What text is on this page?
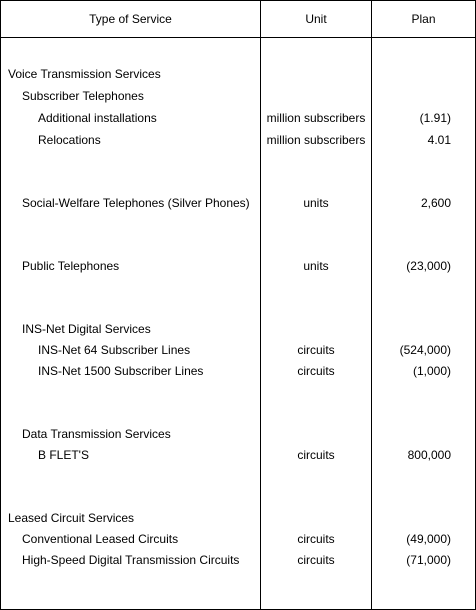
Type of Service	Unit	Plan
Voice Transmission Services
Subscriber Telephones
Additional installations	million subscribers	(1.91)
Relocations	million subscribers	4.01
Social-Welfare Telephones (Silver Phones)	units	2,600
Public Telephones	units	(23,000)
INS-Net Digital Services
INS-Net 64 Subscriber Lines	circuits	(524,000)
INS-Net 1500 Subscriber Lines	circuits	(1,000)
Data Transmission Services
B FLET'S	circuits	800,000
Leased Circuit Services
Conventional Leased Circuits	circuits	(49,000)
High-Speed Digital Transmission Circuits	circuits	(71,000)
